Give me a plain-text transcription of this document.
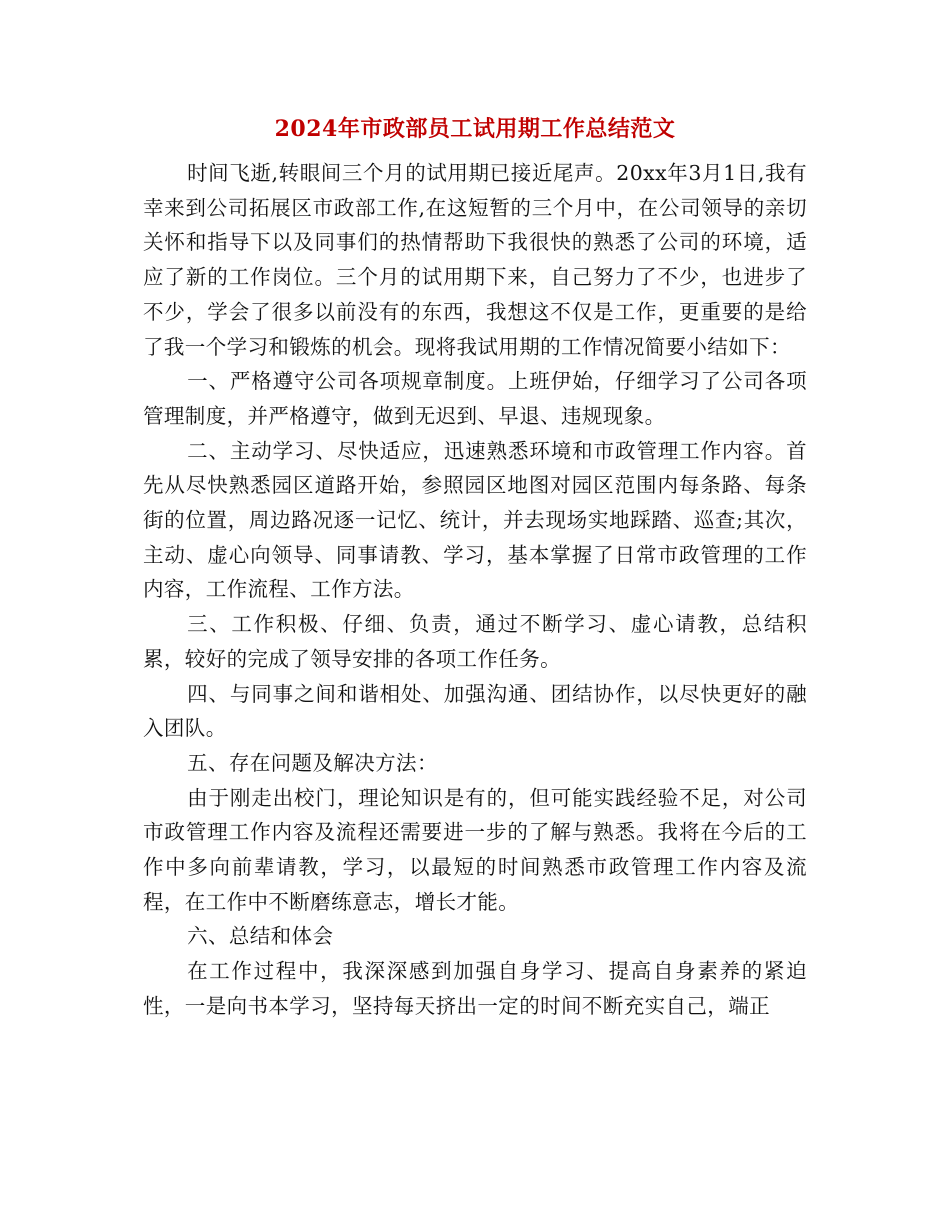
2024年市政部员工试用期工作总结范文

时间飞逝,转眼间三个月的试用期已接近尾声。20xx年3月1日,我有幸来到公司拓展区市政部工作,在这短暂的三个月中，在公司领导的亲切关怀和指导下以及同事们的热情帮助下我很快的熟悉了公司的环境，适应了新的工作岗位。三个月的试用期下来，自己努力了不少，也进步了不少，学会了很多以前没有的东西，我想这不仅是工作，更重要的是给了我一个学习和锻炼的机会。现将我试用期的工作情况简要小结如下：

一、严格遵守公司各项规章制度。上班伊始，仔细学习了公司各项管理制度，并严格遵守，做到无迟到、早退、违规现象。

二、主动学习、尽快适应，迅速熟悉环境和市政管理工作内容。首先从尽快熟悉园区道路开始，参照园区地图对园区范围内每条路、每条街的位置，周边路况逐一记忆、统计，并去现场实地踩踏、巡查;其次，主动、虚心向领导、同事请教、学习，基本掌握了日常市政管理的工作内容，工作流程、工作方法。

三、工作积极、仔细、负责，通过不断学习、虚心请教，总结积累，较好的完成了领导安排的各项工作任务。

四、与同事之间和谐相处、加强沟通、团结协作，以尽快更好的融入团队。

五、存在问题及解决方法：

由于刚走出校门，理论知识是有的，但可能实践经验不足，对公司市政管理工作内容及流程还需要进一步的了解与熟悉。我将在今后的工作中多向前辈请教，学习，以最短的时间熟悉市政管理工作内容及流程，在工作中不断磨练意志，增长才能。

六、总结和体会

在工作过程中，我深深感到加强自身学习、提高自身素养的紧迫性，一是向书本学习，坚持每天挤出一定的时间不断充实自己，端正
